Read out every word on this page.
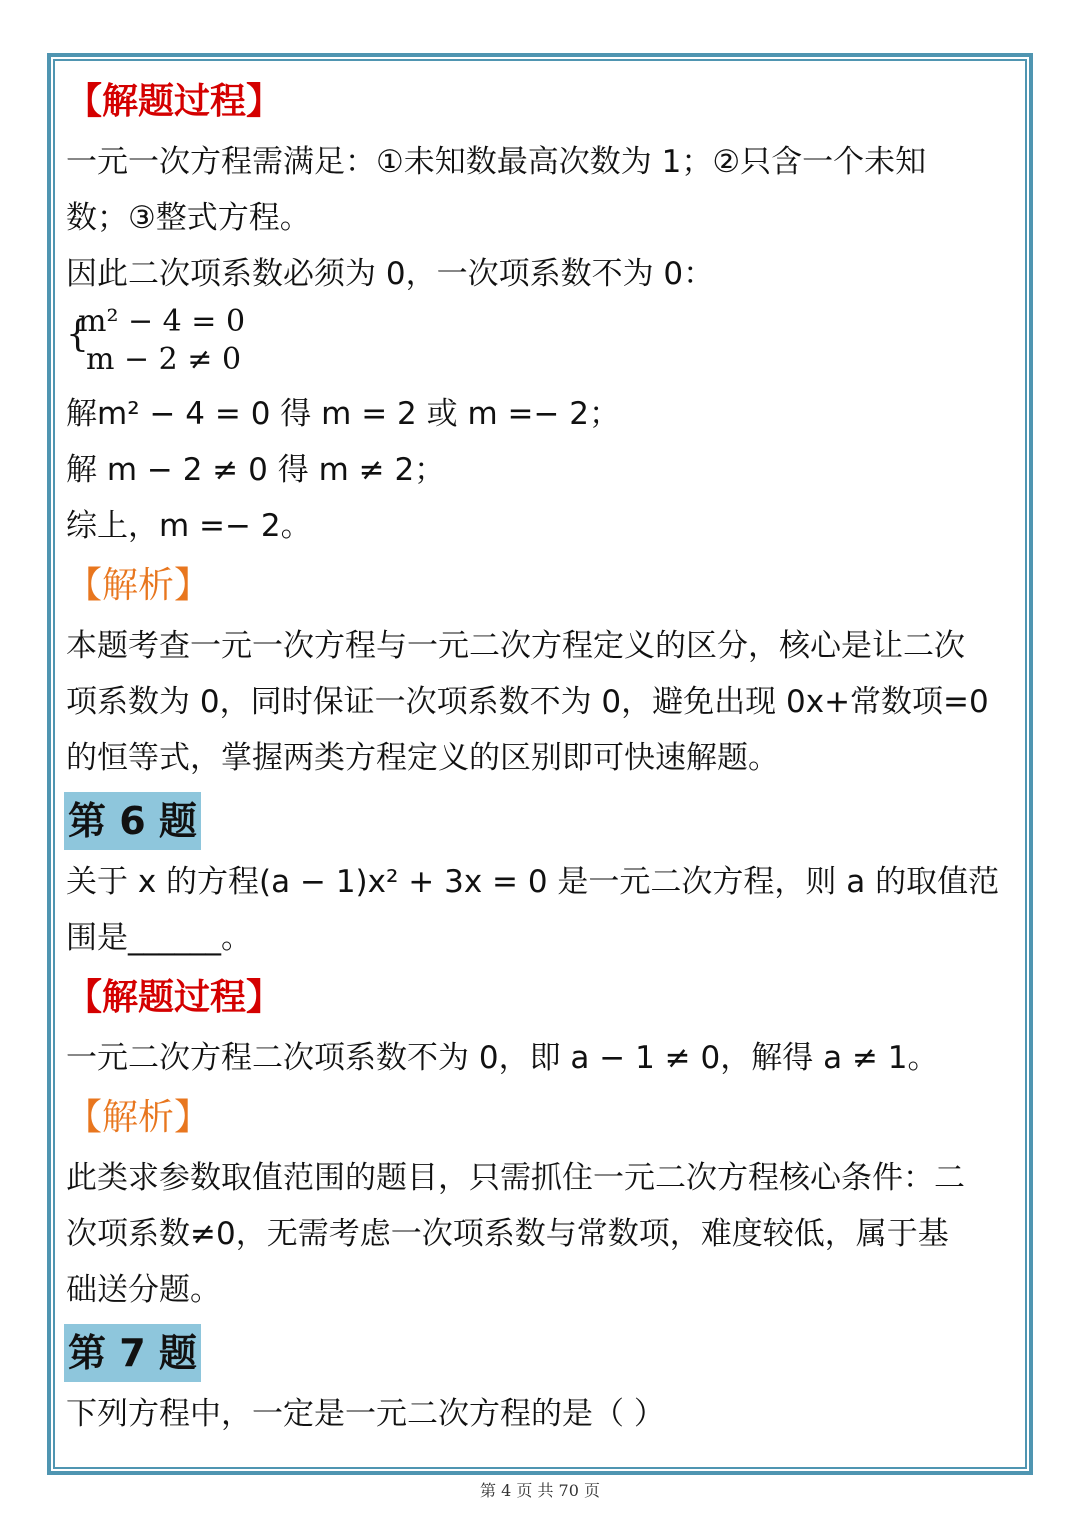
【解题过程】
一元一次方程需满足：①未知数最高次数为 1；②只含一个未知
数；③整式方程。
因此二次项系数必须为 0，一次项系数不为 0：
{
m² − 4 = 0
m − 2 ≠ 0
解m² − 4 = 0 得 m = 2 或 m =− 2；
解 m − 2 ≠ 0 得 m ≠ 2；
综上，m =− 2。
【解析】
本题考查一元一次方程与一元二次方程定义的区分，核心是让二次
项系数为 0，同时保证一次项系数不为 0，避免出现 0x+常数项=0
的恒等式，掌握两类方程定义的区别即可快速解题。
第 6 题
关于 x 的方程(a − 1)x² + 3x = 0 是一元二次方程，则 a 的取值范
围是______。
【解题过程】
一元二次方程二次项系数不为 0，即 a − 1 ≠ 0，解得 a ≠ 1。
【解析】
此类求参数取值范围的题目，只需抓住一元二次方程核心条件：二
次项系数≠0，无需考虑一次项系数与常数项，难度较低，属于基
础送分题。
第 7 题
下列方程中，一定是一元二次方程的是（ ）
第 4 页 共 70 页
